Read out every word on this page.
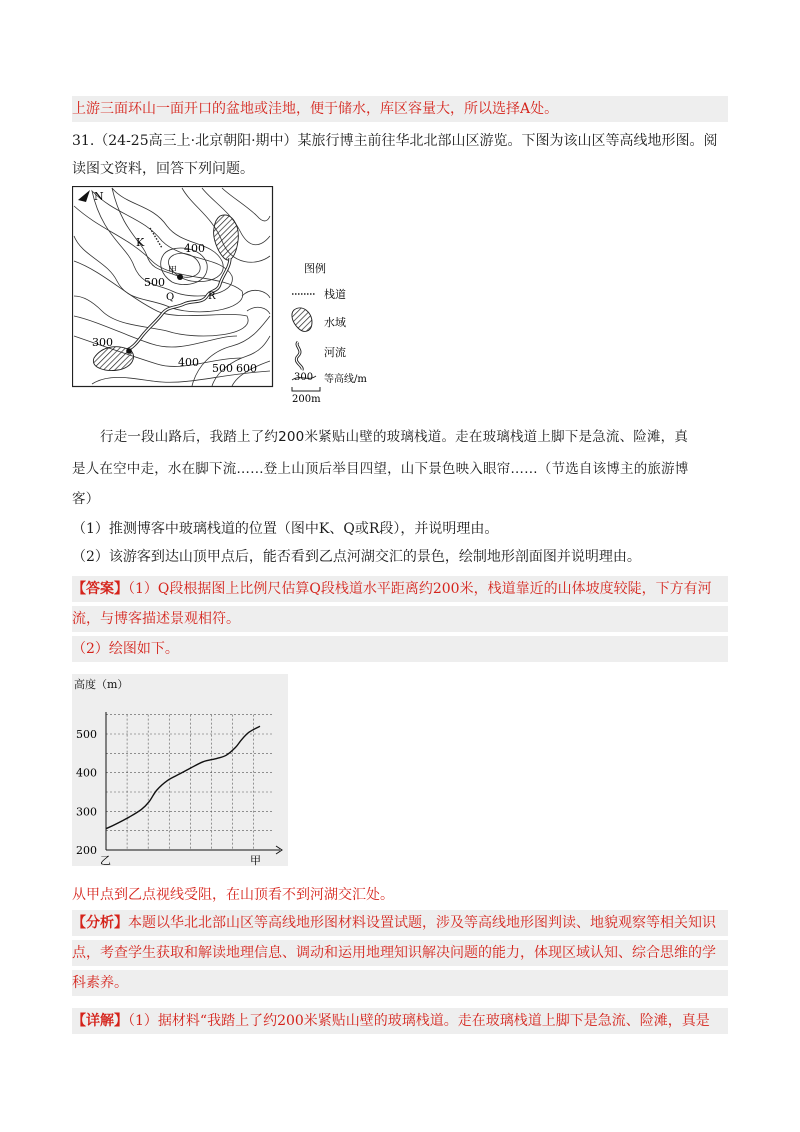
上游三面环山一面开口的盆地或洼地，便于储水，库区容量大，所以选择A处。
31.（24-25高三上·北京朝阳·期中）某旅行博主前往华北北部山区游览。下图为该山区等高线地形图。阅
读图文资料，回答下列问题。
N
K	400
甲
500
Q	R
300
400 500 600
图例
栈道
水域
河流
300 等高线/m
200m
行走一段山路后，我踏上了约200米紧贴山壁的玻璃栈道。走在玻璃栈道上脚下是急流、险滩，真
是人在空中走，水在脚下流……登上山顶后举目四望，山下景色映入眼帘……（节选自该博主的旅游博
客）
（1）推测博客中玻璃栈道的位置（图中K、Q或R段），并说明理由。
（2）该游客到达山顶甲点后，能否看到乙点河湖交汇的景色，绘制地形剖面图并说明理由。
【答案】（1）Q段根据图上比例尺估算Q段栈道水平距离约200米，栈道靠近的山体坡度较陡，下方有河
流，与博客描述景观相符。
（2）绘图如下。
高度（m）
500
400
300
200
乙	甲
从甲点到乙点视线受阻，在山顶看不到河湖交汇处。
【分析】本题以华北北部山区等高线地形图材料设置试题，涉及等高线地形图判读、地貌观察等相关知识
点，考查学生获取和解读地理信息、调动和运用地理知识解决问题的能力，体现区域认知、综合思维的学
科素养。
【详解】（1）据材料“我踏上了约200米紧贴山壁的玻璃栈道。走在玻璃栈道上脚下是急流、险滩，真是
